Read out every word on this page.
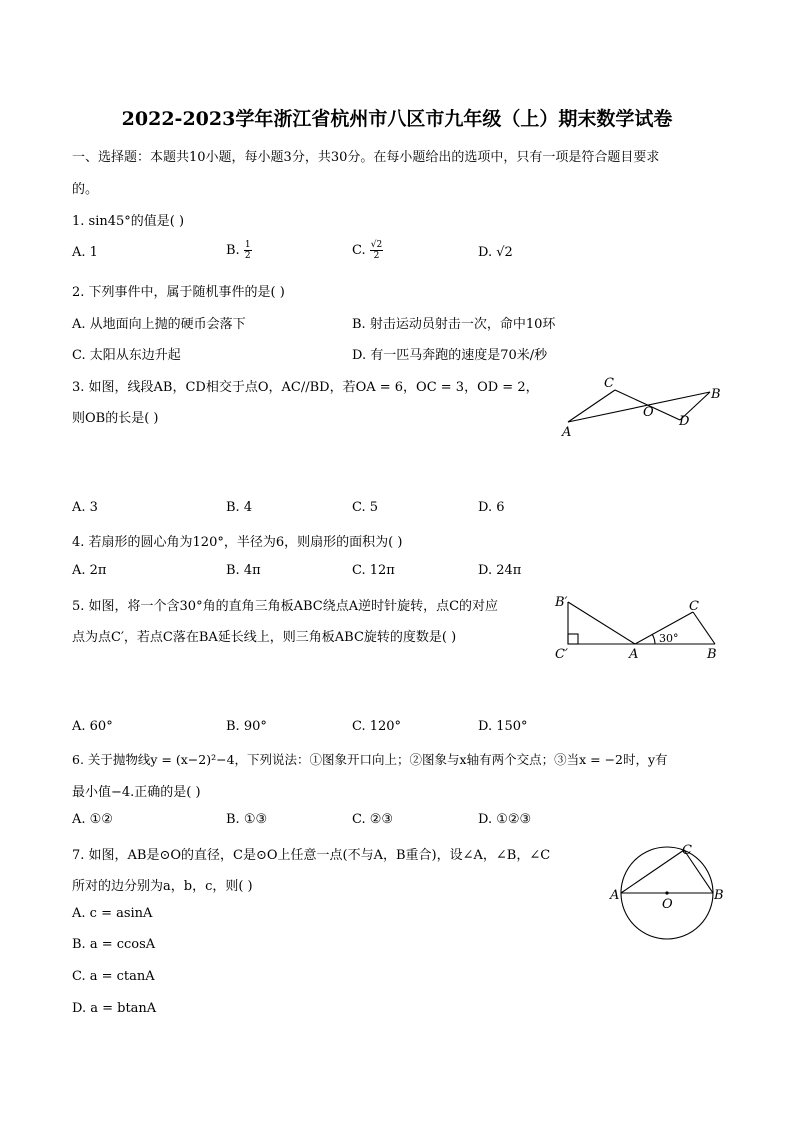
2022-2023学年浙江省杭州市八区市九年级（上）期末数学试卷
一、选择题：本题共10小题，每小题3分，共30分。在每小题给出的选项中，只有一项是符合题目要求
的。
1. sin45°的值是( )
A. 1	B. $\frac{1}{2}$	C. $\frac{√2}{2}$	D. √2
2. 下列事件中，属于随机事件的是( )
A. 从地面向上抛的硬币会落下	B. 射击运动员射击一次，命中10环
C. 太阳从东边升起	D. 有一匹马奔跑的速度是70米/秒
3. 如图，线段AB，CD相交于点O，AC//BD，若OA = 6，OC = 3，OD = 2，
则OB的长是( )
C
B
O
D
A
A. 3	B. 4	C. 5	D. 6
4. 若扇形的圆心角为120°，半径为6，则扇形的面积为( )
A. 2π	B. 4π	C. 12π	D. 24π
5. 如图，将一个含30°角的直角三角板ABC绕点A逆时针旋转，点C的对应
点为点C′，若点C落在BA延长线上，则三角板ABC旋转的度数是( )
B′
C′	A
C
B
30°
A. 60°	B. 90°	C. 120°	D. 150°
6. 关于抛物线y = (x−2)²−4，下列说法：①图象开口向上；②图象与x轴有两个交点；③当x = −2时，y有
最小值−4.正确的是( )
A. ①②	B. ①③	C. ②③	D. ①②③
7. 如图，AB是⊙O的直径，C是⊙O上任意一点(不与A，B重合)，设∠A，∠B，∠C
所对的边分别为a，b，c，则( )
A	B
C
O
A. c = asinA
B. a = ccosA
C. a = ctanA
D. a = btanA
